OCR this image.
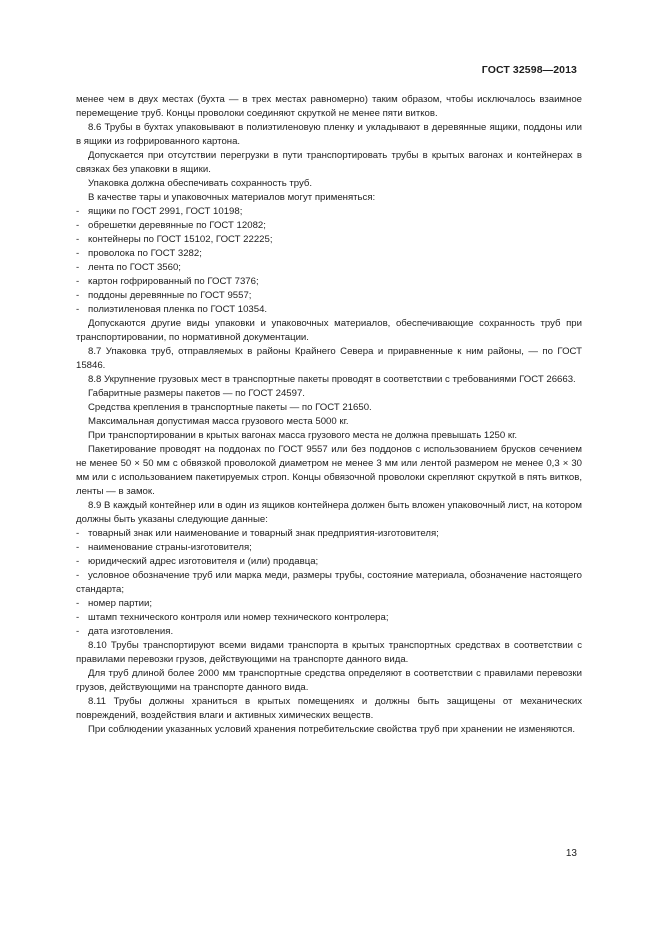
ГОСТ 32598—2013

менее чем в двух местах (бухта — в трех местах равномерно) таким образом, чтобы исключалось взаимное перемещение труб. Концы проволоки соединяют скруткой не менее пяти витков.

8.6 Трубы в бухтах упаковывают в полиэтиленовую пленку и укладывают в деревянные ящики, поддоны или в ящики из гофрированного картона.

Допускается при отсутствии перегрузки в пути транспортировать трубы в крытых вагонах и контейнерах в связках без упаковки в ящики.

Упаковка должна обеспечивать сохранность труб.

В качестве тары и упаковочных материалов могут применяться:

- ящики по ГОСТ 2991, ГОСТ 10198;

- обрешетки деревянные по ГОСТ 12082;

- контейнеры по ГОСТ 15102, ГОСТ 22225;

- проволока по ГОСТ 3282;

- лента по ГОСТ 3560;

- картон гофрированный по ГОСТ 7376;

- поддоны деревянные по ГОСТ 9557;

- полиэтиленовая пленка по ГОСТ 10354.

Допускаются другие виды упаковки и упаковочных материалов, обеспечивающие сохранность труб при транспортировании, по нормативной документации.

8.7 Упаковка труб, отправляемых в районы Крайнего Севера и приравненные к ним районы, — по ГОСТ 15846.

8.8 Укрупнение грузовых мест в транспортные пакеты проводят в соответствии с требованиями ГОСТ 26663.

Габаритные размеры пакетов — по ГОСТ 24597.

Средства крепления в транспортные пакеты — по ГОСТ 21650.

Максимальная допустимая масса грузового места 5000 кг.

При транспортировании в крытых вагонах масса грузового места не должна превышать 1250 кг.

Пакетирование проводят на поддонах по ГОСТ 9557 или без поддонов с использованием брусков сечением не менее 50 × 50 мм с обвязкой проволокой диаметром не менее 3 мм или лентой размером не менее 0,3 × 30 мм или с использованием пакетируемых строп. Концы обвязочной проволоки скрепляют скруткой в пять витков, ленты — в замок.

8.9 В каждый контейнер или в один из ящиков контейнера должен быть вложен упаковочный лист, на котором должны быть указаны следующие данные:

- товарный знак или наименование и товарный знак предприятия-изготовителя;

- наименование страны-изготовителя;

- юридический адрес изготовителя и (или) продавца;

- условное обозначение труб или марка меди, размеры трубы, состояние материала, обозначение настоящего стандарта;

- номер партии;

- штамп технического контроля или номер технического контролера;

- дата изготовления.

8.10 Трубы транспортируют всеми видами транспорта в крытых транспортных средствах в соответствии с правилами перевозки грузов, действующими на транспорте данного вида.

Для труб длиной более 2000 мм транспортные средства определяют в соответствии с правилами перевозки грузов, действующими на транспорте данного вида.

8.11 Трубы должны храниться в крытых помещениях и должны быть защищены от механических повреждений, воздействия влаги и активных химических веществ.

При соблюдении указанных условий хранения потребительские свойства труб при хранении не изменяются.

13
